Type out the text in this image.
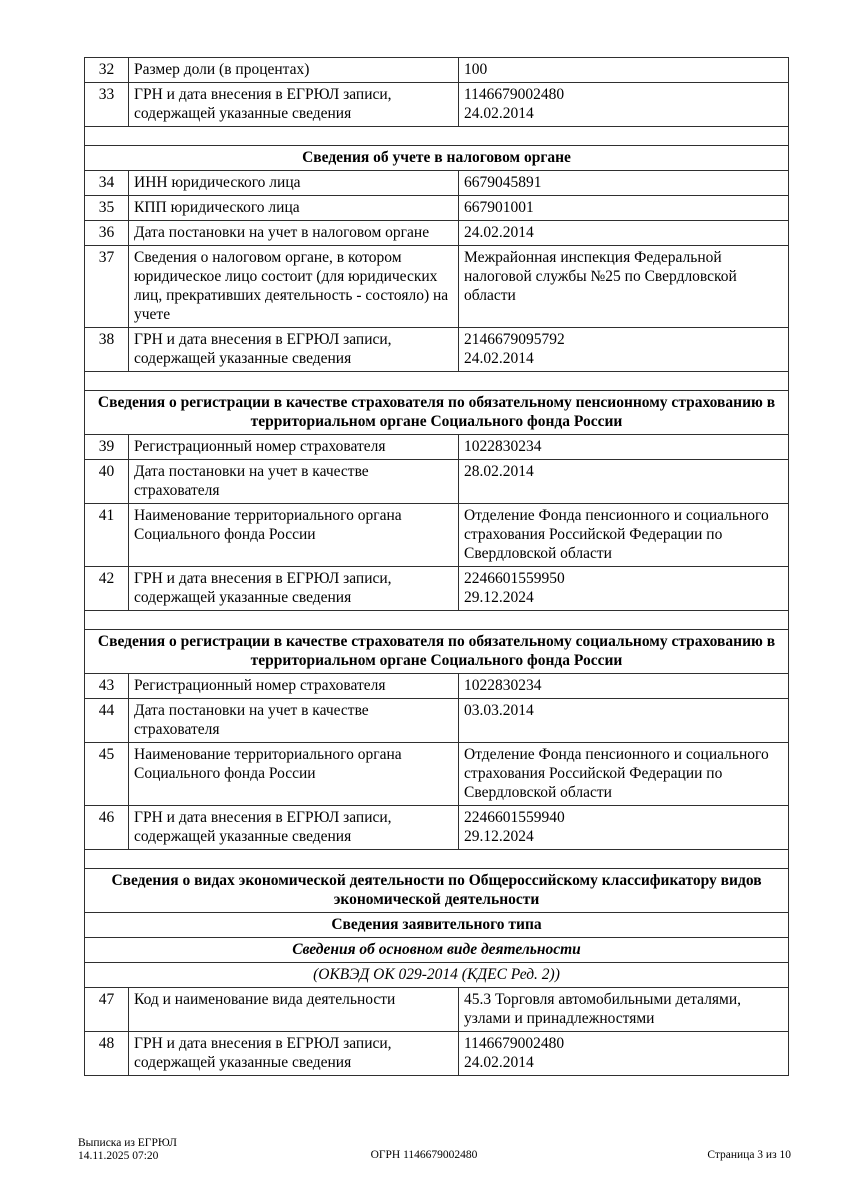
32	Размер доли (в процентах)	100

33	ГРН и дата внесения в ЕГРЮЛ записи, содержащей указанные сведения	1146679002480
24.02.2014

Сведения об учете в налоговом органе		
34	ИНН юридического лица	6679045891

35	КПП юридического лица	667901001

36	Дата постановки на учет в налоговом органе	24.02.2014

37	Сведения о налоговом органе, в котором юридическое лицо состоит (для юридических лиц, прекративших деятельность - состояло) на учете	Межрайонная инспекция Федеральной налоговой службы №25 по Свердловской области

38	ГРН и дата внесения в ЕГРЮЛ записи, содержащей указанные сведения	2146679095792
24.02.2014

Сведения о регистрации в качестве страхователя по обязательному пенсионному страхованию в территориальном органе Социального фонда России		
39	Регистрационный номер страхователя	1022830234

40	Дата постановки на учет в качестве страхователя	28.02.2014

41	Наименование территориального органа Социального фонда России	Отделение Фонда пенсионного и социального страхования Российской Федерации по Свердловской области

42	ГРН и дата внесения в ЕГРЮЛ записи, содержащей указанные сведения	2246601559950
29.12.2024

Сведения о регистрации в качестве страхователя по обязательному социальному страхованию в территориальном органе Социального фонда России		
43	Регистрационный номер страхователя	1022830234

44	Дата постановки на учет в качестве страхователя	03.03.2014

45	Наименование территориального органа Социального фонда России	Отделение Фонда пенсионного и социального страхования Российской Федерации по Свердловской области

46	ГРН и дата внесения в ЕГРЮЛ записи, содержащей указанные сведения	2246601559940
29.12.2024

Сведения о видах экономической деятельности по Общероссийскому классификатору видов экономической деятельности		
Сведения заявительного типа		
Сведения об основном виде деятельности		
(ОКВЭД ОК 029-2014 (КДЕС Ред. 2))		
47	Код и наименование вида деятельности	45.3 Торговля автомобильными деталями, узлами и принадлежностями

48	ГРН и дата внесения в ЕГРЮЛ записи, содержащей указанные сведения	1146679002480
24.02.2014
Выписка из ЕГРЮЛ
14.11.2025 07:20	ОГРН 1146679002480	Страница 3 из 10
